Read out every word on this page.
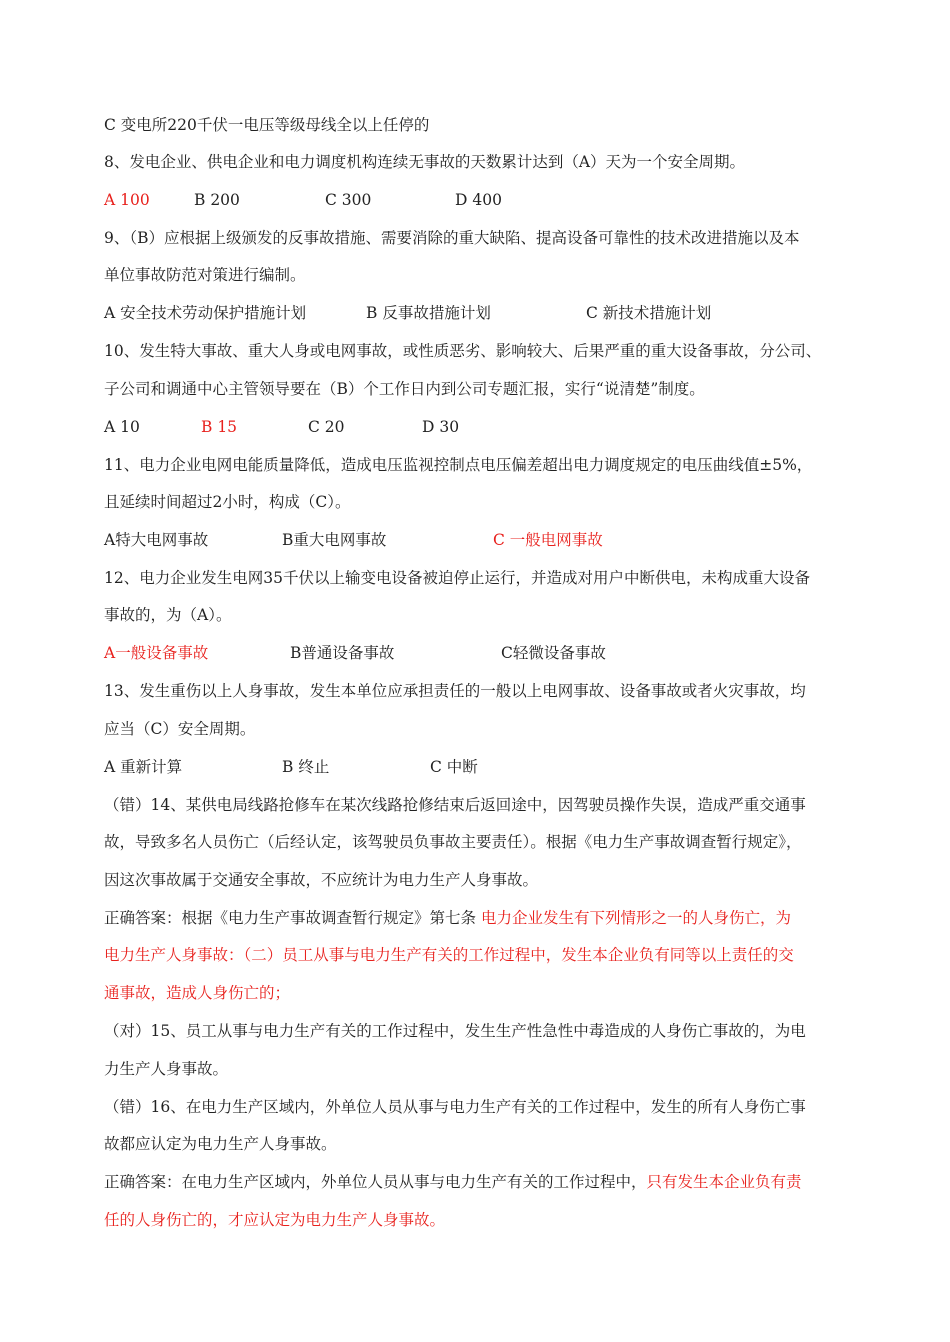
C 变电所220千伏一电压等级母线全以上任停的
8、发电企业、供电企业和电力调度机构连续无事故的天数累计达到（A）天为一个安全周期。
A 100	B 200	C 300	D 400
9、（B）应根据上级颁发的反事故措施、需要消除的重大缺陷、提高设备可靠性的技术改进措施以及本
单位事故防范对策进行编制。
A 安全技术劳动保护措施计划	B 反事故措施计划	C 新技术措施计划
10、发生特大事故、重大人身或电网事故，或性质恶劣、影响较大、后果严重的重大设备事故，分公司、
子公司和调通中心主管领导要在（B）个工作日内到公司专题汇报，实行“说清楚”制度。
A 10	B 15	C 20	D 30
11、电力企业电网电能质量降低，造成电压监视控制点电压偏差超出电力调度规定的电压曲线值±5%，
且延续时间超过2小时，构成（C）。
A特大电网事故	B重大电网事故	C 一般电网事故
12、电力企业发生电网35千伏以上输变电设备被迫停止运行，并造成对用户中断供电，未构成重大设备
事故的，为（A）。
A一般设备事故	B普通设备事故	C轻微设备事故
13、发生重伤以上人身事故，发生本单位应承担责任的一般以上电网事故、设备事故或者火灾事故，均
应当（C）安全周期。
A 重新计算	B 终止	C 中断
（错）14、某供电局线路抢修车在某次线路抢修结束后返回途中，因驾驶员操作失误，造成严重交通事
故，导致多名人员伤亡（后经认定，该驾驶员负事故主要责任）。根据《电力生产事故调查暂行规定》，
因这次事故属于交通安全事故，不应统计为电力生产人身事故。
正确答案：根据《电力生产事故调查暂行规定》第七条 电力企业发生有下列情形之一的人身伤亡，为
电力生产人身事故：（二）员工从事与电力生产有关的工作过程中，发生本企业负有同等以上责任的交
通事故，造成人身伤亡的；
（对）15、员工从事与电力生产有关的工作过程中，发生生产性急性中毒造成的人身伤亡事故的，为电
力生产人身事故。
（错）16、在电力生产区域内，外单位人员从事与电力生产有关的工作过程中，发生的所有人身伤亡事
故都应认定为电力生产人身事故。
正确答案：在电力生产区域内，外单位人员从事与电力生产有关的工作过程中，只有发生本企业负有责
任的人身伤亡的，才应认定为电力生产人身事故。
